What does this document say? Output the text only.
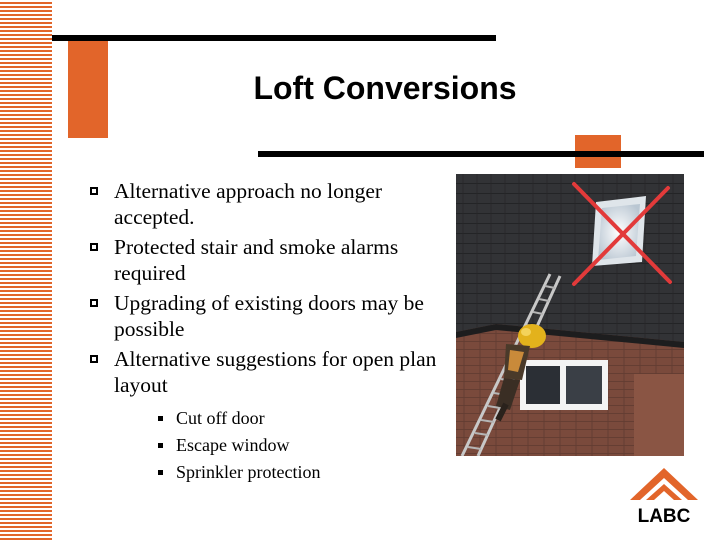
Loft Conversions
Alternative approach no longer accepted.
Protected stair and smoke alarms required
Upgrading of existing doors may be possible
Alternative suggestions for open plan layout
Cut off door
Escape window
Sprinkler protection
LABC
